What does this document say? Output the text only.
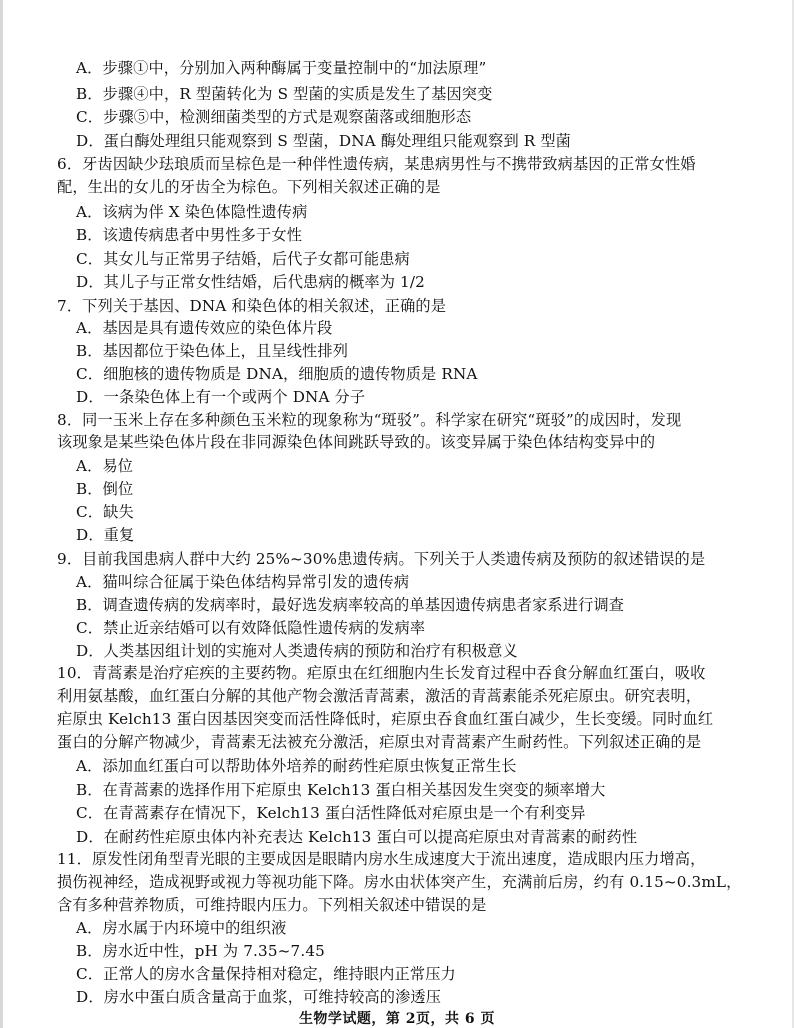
A．步骤①中，分别加入两种酶属于变量控制中的“加法原理”
B．步骤④中，R 型菌转化为 S 型菌的实质是发生了基因突变
C．步骤⑤中，检测细菌类型的方式是观察菌落或细胞形态
D．蛋白酶处理组只能观察到 S 型菌，DNA 酶处理组只能观察到 R 型菌
6．牙齿因缺少珐琅质而呈棕色是一种伴性遗传病，某患病男性与不携带致病基因的正常女性婚
配，生出的女儿的牙齿全为棕色。下列相关叙述正确的是
A．该病为伴 X 染色体隐性遗传病
B．该遗传病患者中男性多于女性
C．其女儿与正常男子结婚，后代子女都可能患病
D．其儿子与正常女性结婚，后代患病的概率为 1/2
7．下列关于基因、DNA 和染色体的相关叙述，正确的是
A．基因是具有遗传效应的染色体片段
B．基因都位于染色体上，且呈线性排列
C．细胞核的遗传物质是 DNA，细胞质的遗传物质是 RNA
D．一条染色体上有一个或两个 DNA 分子
8．同一玉米上存在多种颜色玉米粒的现象称为“斑驳”。科学家在研究“斑驳”的成因时，发现
该现象是某些染色体片段在非同源染色体间跳跃导致的。该变异属于染色体结构变异中的
A．易位
B．倒位
C．缺失
D．重复
9．目前我国患病人群中大约 25%~30%患遗传病。下列关于人类遗传病及预防的叙述错误的是
A．猫叫综合征属于染色体结构异常引发的遗传病
B．调查遗传病的发病率时，最好选发病率较高的单基因遗传病患者家系进行调查
C．禁止近亲结婚可以有效降低隐性遗传病的发病率
D．人类基因组计划的实施对人类遗传病的预防和治疗有积极意义
10．青蒿素是治疗疟疾的主要药物。疟原虫在红细胞内生长发育过程中吞食分解血红蛋白，吸收
利用氨基酸，血红蛋白分解的其他产物会激活青蒿素，激活的青蒿素能杀死疟原虫。研究表明，
疟原虫 Kelch13 蛋白因基因突变而活性降低时，疟原虫吞食血红蛋白减少，生长变缓。同时血红
蛋白的分解产物减少，青蒿素无法被充分激活，疟原虫对青蒿素产生耐药性。下列叙述正确的是
A．添加血红蛋白可以帮助体外培养的耐药性疟原虫恢复正常生长
B．在青蒿素的选择作用下疟原虫 Kelch13 蛋白相关基因发生突变的频率增大
C．在青蒿素存在情况下，Kelch13 蛋白活性降低对疟原虫是一个有利变异
D．在耐药性疟原虫体内补充表达 Kelch13 蛋白可以提高疟原虫对青蒿素的耐药性
11．原发性闭角型青光眼的主要成因是眼睛内房水生成速度大于流出速度，造成眼内压力增高，
损伤视神经，造成视野或视力等视功能下降。房水由状体突产生，充满前后房，约有 0.15~0.3mL，
含有多种营养物质，可维持眼内压力。下列相关叙述中错误的是
A．房水属于内环境中的组织液
B．房水近中性，pH 为 7.35~7.45
C．正常人的房水含量保持相对稳定，维持眼内正常压力
D．房水中蛋白质含量高于血浆，可维持较高的渗透压
生物学试题，第 2页，共 6 页
